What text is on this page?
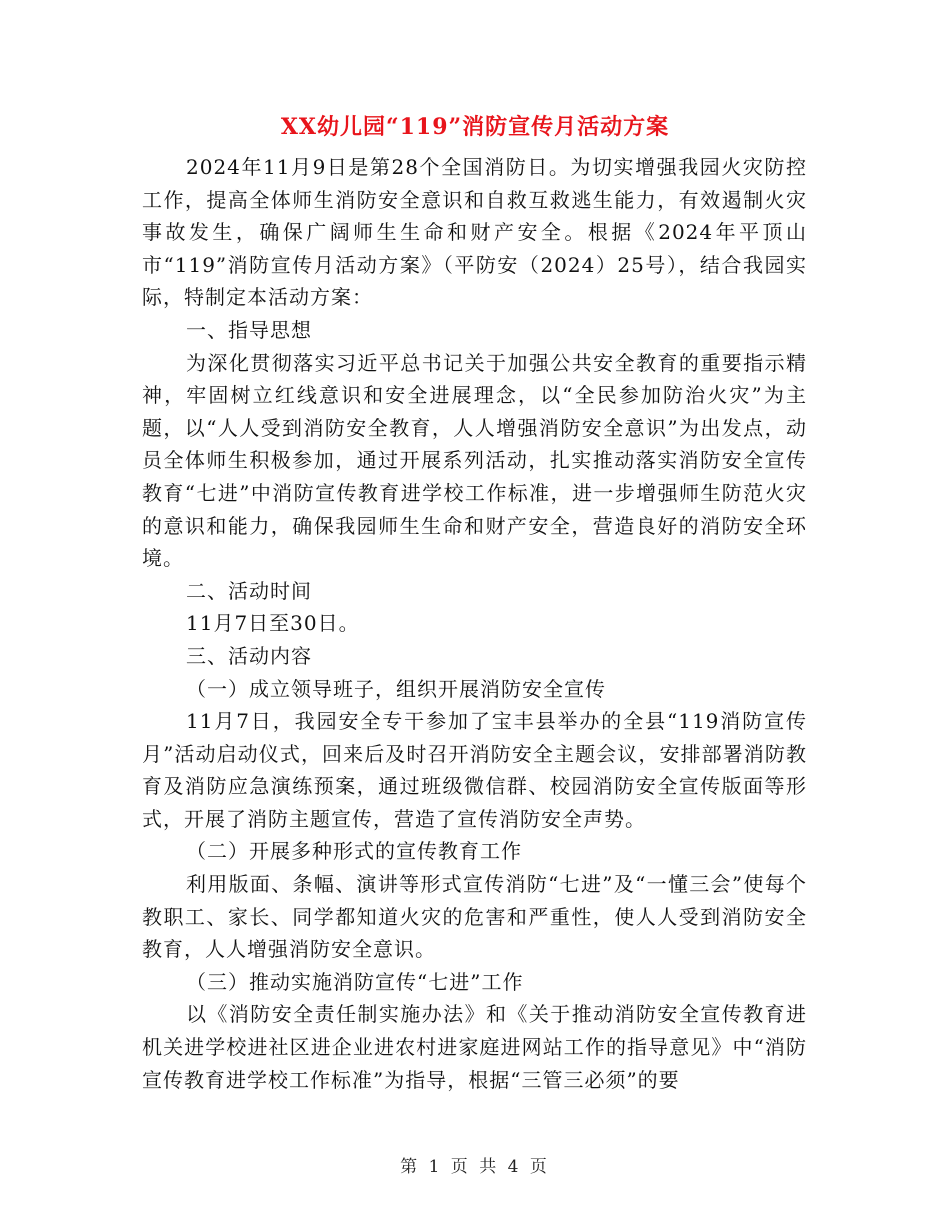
XX幼儿园“119”消防宣传月活动方案

2024年11月9日是第28个全国消防日。为切实增强我园火灾防控工作，提高全体师生消防安全意识和自救互救逃生能力，有效遏制火灾事故发生，确保广阔师生生命和财产安全。根据《2024年平顶山市“119”消防宣传月活动方案》（平防安（2024）25号），结合我园实际，特制定本活动方案：

一、指导思想

为深化贯彻落实习近平总书记关于加强公共安全教育的重要指示精神，牢固树立红线意识和安全进展理念，以“全民参加防治火灾”为主题，以“人人受到消防安全教育，人人增强消防安全意识”为出发点，动员全体师生积极参加，通过开展系列活动，扎实推动落实消防安全宣传教育“七进”中消防宣传教育进学校工作标准，进一步增强师生防范火灾的意识和能力，确保我园师生生命和财产安全，营造良好的消防安全环境。

二、活动时间

11月7日至30日。

三、活动内容

（一）成立领导班子，组织开展消防安全宣传

11月7日，我园安全专干参加了宝丰县举办的全县“119消防宣传月”活动启动仪式，回来后及时召开消防安全主题会议，安排部署消防教育及消防应急演练预案，通过班级微信群、校园消防安全宣传版面等形式，开展了消防主题宣传，营造了宣传消防安全声势。

（二）开展多种形式的宣传教育工作

利用版面、条幅、演讲等形式宣传消防“七进”及“一懂三会”使每个教职工、家长、同学都知道火灾的危害和严重性，使人人受到消防安全教育，人人增强消防安全意识。

（三）推动实施消防宣传“七进”工作

以《消防安全责任制实施办法》和《关于推动消防安全宣传教育进机关进学校进社区进企业进农村进家庭进网站工作的指导意见》中“消防宣传教育进学校工作标准”为指导，根据“三管三必须”的要

第 1 页 共 4 页
